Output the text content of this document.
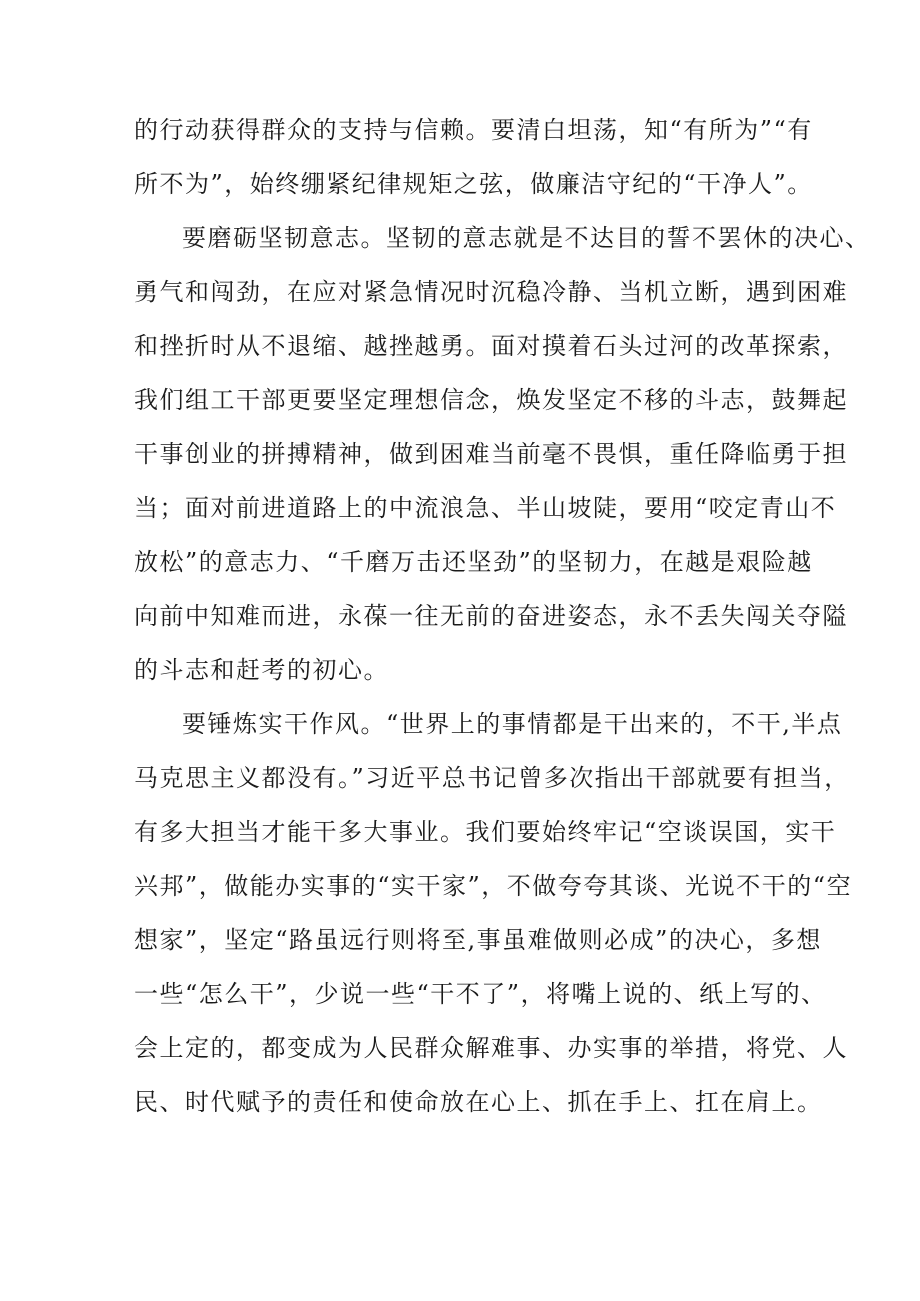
的行动获得群众的支持与信赖。要清白坦荡，知“有所为”“有
所不为”，始终绷紧纪律规矩之弦，做廉洁守纪的“干净人”。
要磨砺坚韧意志。坚韧的意志就是不达目的誓不罢休的决心、
勇气和闯劲，在应对紧急情况时沉稳冷静、当机立断，遇到困难
和挫折时从不退缩、越挫越勇。面对摸着石头过河的改革探索，
我们组工干部更要坚定理想信念，焕发坚定不移的斗志，鼓舞起
干事创业的拼搏精神，做到困难当前毫不畏惧，重任降临勇于担
当；面对前进道路上的中流浪急、半山坡陡，要用“咬定青山不
放松”的意志力、“千磨万击还坚劲”的坚韧力，在越是艰险越
向前中知难而进，永葆一往无前的奋进姿态，永不丢失闯关夺隘
的斗志和赶考的初心。
要锤炼实干作风。“世界上的事情都是干出来的，不干,半点
马克思主义都没有。”习近平总书记曾多次指出干部就要有担当，
有多大担当才能干多大事业。我们要始终牢记“空谈误国，实干
兴邦”，做能办实事的“实干家”，不做夸夸其谈、光说不干的“空
想家”，坚定“路虽远行则将至,事虽难做则必成”的决心，多想
一些“怎么干”，少说一些“干不了”，将嘴上说的、纸上写的、
会上定的，都变成为人民群众解难事、办实事的举措，将党、人
民、时代赋予的责任和使命放在心上、抓在手上、扛在肩上。
